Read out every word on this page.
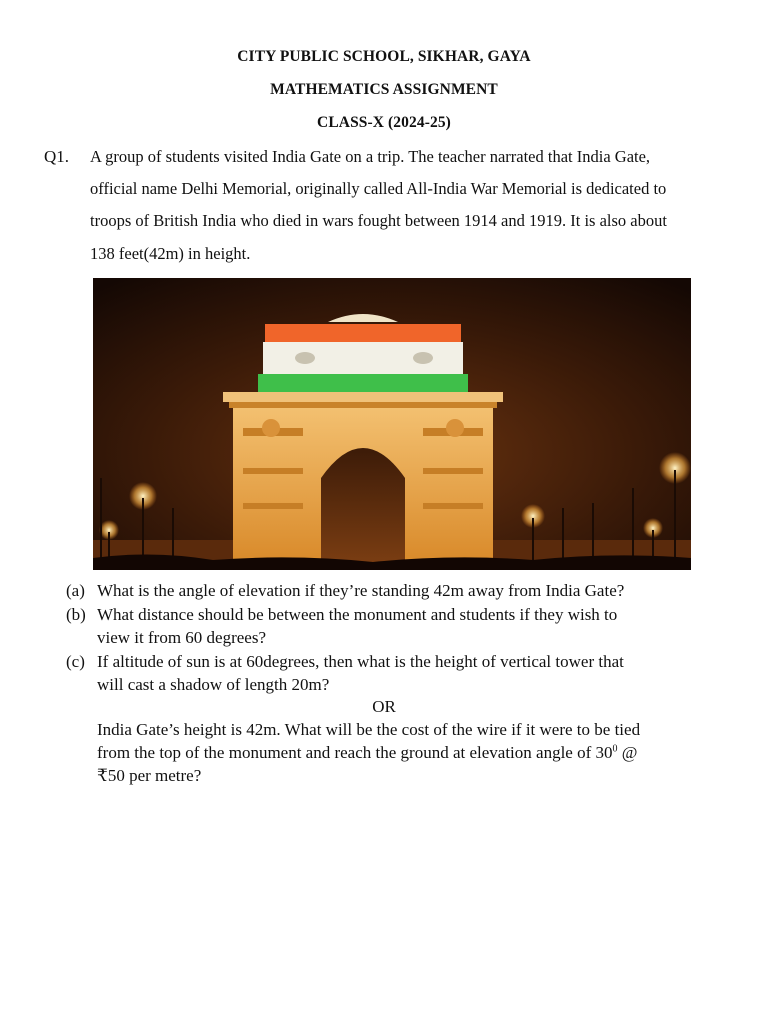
CITY PUBLIC SCHOOL, SIKHAR, GAYA
MATHEMATICS ASSIGNMENT
CLASS-X (2024-25)
Q1. A group of students visited India Gate on a trip. The teacher narrated that India Gate,
official name Delhi Memorial, originally called All-India War Memorial is dedicated to
troops of British India who died in wars fought between 1914 and 1919. It is also about
138 feet(42m) in height.
(a) What is the angle of elevation if they’re standing 42m away from India Gate?
(b) What distance should be between the monument and students if they wish to
view it from 60 degrees?
(c) If altitude of sun is at 60degrees, then what is the height of vertical tower that
will cast a shadow of length 20m?
OR
India Gate’s height is 42m. What will be the cost of the wire if it were to be tied
from the top of the monument and reach the ground at elevation angle of $30^0$ @
₹50 per metre?
